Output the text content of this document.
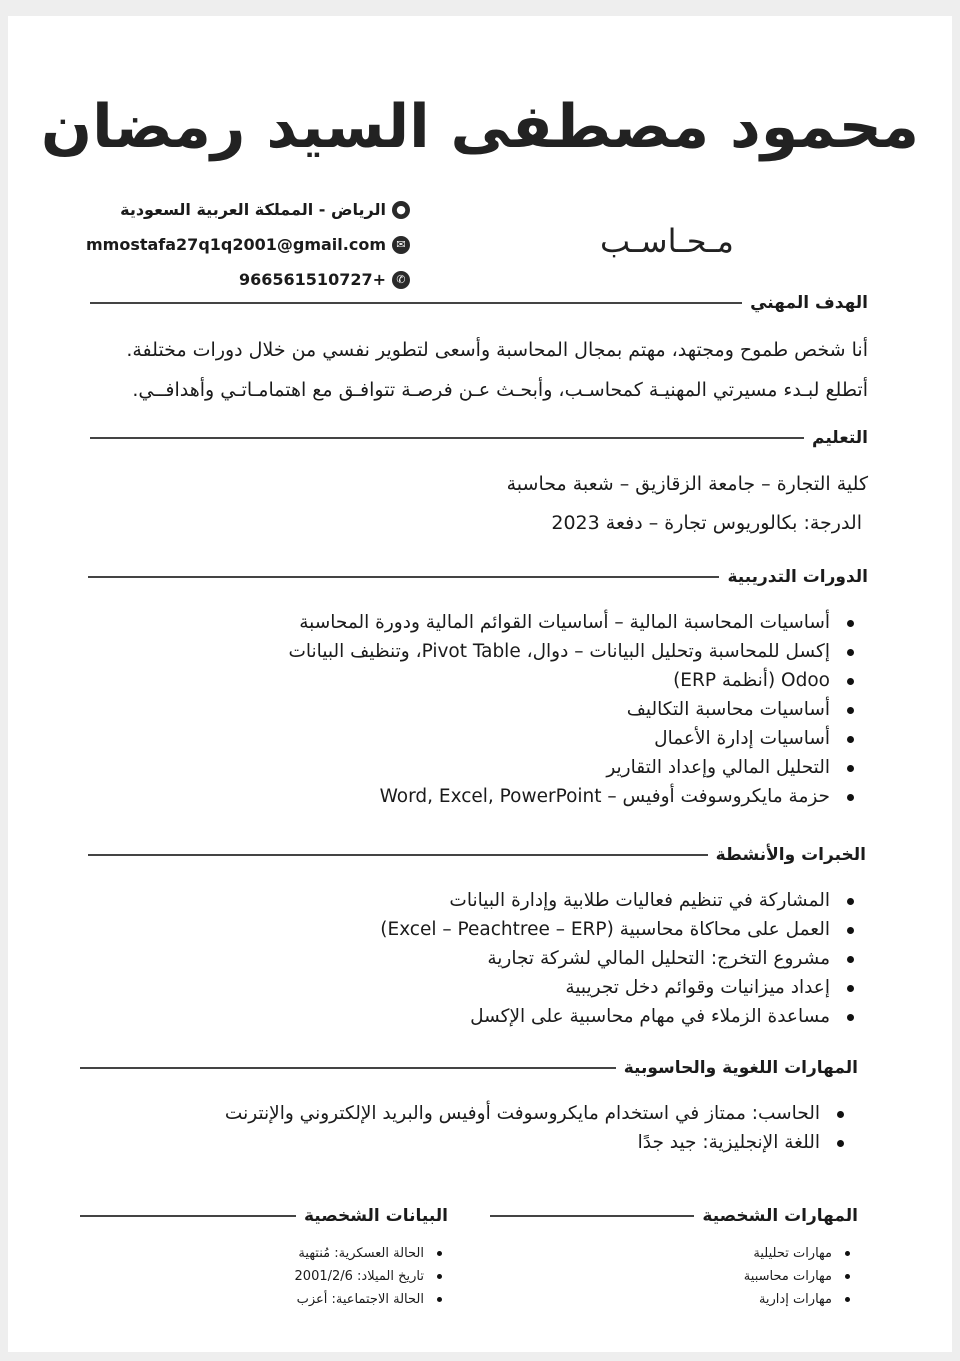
محمود مصطفى السيد رمضان
●
الرياض - المملكة العربية السعودية
✉
mmostafa27q1q2001@gmail.com
✆
+966561510727
مـحـاسـب
الهدف المهني
أنا شخص طموح ومجتهد، مهتم بمجال المحاسبة وأسعى لتطوير نفسي من خلال دورات مختلفة.
أتطلع لبـدء مسيرتي المهنيـة كمحاسـب، وأبحـث عـن فرصـة تتوافـق مع اهتمامـاتـي وأهدافــي.
التعليم
كلية التجارة – جامعة الزقازيق – شعبة محاسبة
الدرجة: بكالوريوس تجارة – دفعة 2023
الدورات التدريبية
أساسيات المحاسبة المالية – أساسيات القوائم المالية ودورة المحاسبة
إكسل للمحاسبة وتحليل البيانات – دوال، Pivot Table، وتنظيف البيانات
Odoo (أنظمة ERP)
أساسيات محاسبة التكاليف
أساسيات إدارة الأعمال
التحليل المالي وإعداد التقارير
حزمة مايكروسوفت أوفيس – Word, Excel, PowerPoint
الخبرات والأنشطة
المشاركة في تنظيم فعاليات طلابية وإدارة البيانات
العمل على محاكاة محاسبية (Excel – Peachtree – ERP)
مشروع التخرج: التحليل المالي لشركة تجارية
إعداد ميزانيات وقوائم دخل تجريبية
مساعدة الزملاء في مهام محاسبية على الإكسل
المهارات اللغوية والحاسوبية
الحاسب: ممتاز في استخدام مايكروسوفت أوفيس والبريد الإلكتروني والإنترنت
اللغة الإنجليزية: جيد جدًا
المهارات الشخصية
مهارات تحليلية
مهارات محاسبية
مهارات إدارية
البيانات الشخصية
الحالة العسكرية: مُنتهية
تاريخ الميلاد: 2001/2/6
الحالة الاجتماعية: أعزب
